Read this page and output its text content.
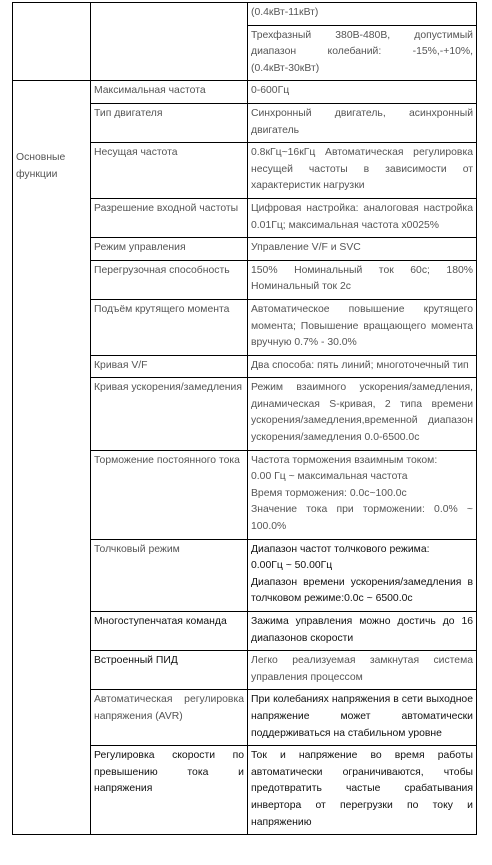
		(0.4кВт-11кВт)
		Трехфазный 380В-480В, допустимый диапазон колебаний: -15%,-+10%, (0.4кВт-30кВт)
Основные функции	Максимальная частота	0-600Гц
	Тип двигателя	Синхронный двигатель, асинхронный двигатель
	Несущая частота	0.8кГц~16кГц Автоматическая регулировка несущей частоты в зависимости от характеристик нагрузки
	Разрешение входной частоты	Цифровая настройка: аналоговая настройка 0.01Гц; максимальная частота x0025%
	Режим управления	Управление V/F и SVC
	Перегрузочная способность	150% Номинальный ток 60с; 180% Номинальный ток 2с
	Подъём крутящего момента	Автоматическое повышение крутящего момента; Повышение вращающего момента вручную 0.7% - 30.0%
	Кривая V/F	Два способа: пять линий; многоточечный тип
	Кривая ускорения/замедления	Режим взаимного ускорения/замедления, динамическая S-кривая, 2 типа времени ускорения/замедления,временной диапазон ускорения/замедления 0.0-6500.0с
	Торможение постоянного тока	Частота торможения взаимным током:
0.00 Гц ~ максимальная частота
Время торможения: 0.0с~100.0с
Значение тока при торможении: 0.0% ~ 100.0%

	Толчковый режим	Диапазон частот толчкового режима:
0.00Гц ~ 50.00Гц
Диапазон времени ускорения/замедления в толчковом режиме:0.0с ~ 6500.0с

	Многоступенчатая команда	Зажима управления можно достичь до 16 диапазонов скорости
	Встроенный ПИД	Легко реализуемая замкнутая система управления процессом
	Автоматическая регулировка напряжения (AVR)	При колебаниях напряжения в сети выходное напряжение может автоматически поддерживаться на стабильном уровне
	Регулировка скорости по превышению тока и напряжения	Ток и напряжение во время работы автоматически ограничиваются, чтобы предотвратить частые срабатывания инвертора от перегрузки по току и напряжению
